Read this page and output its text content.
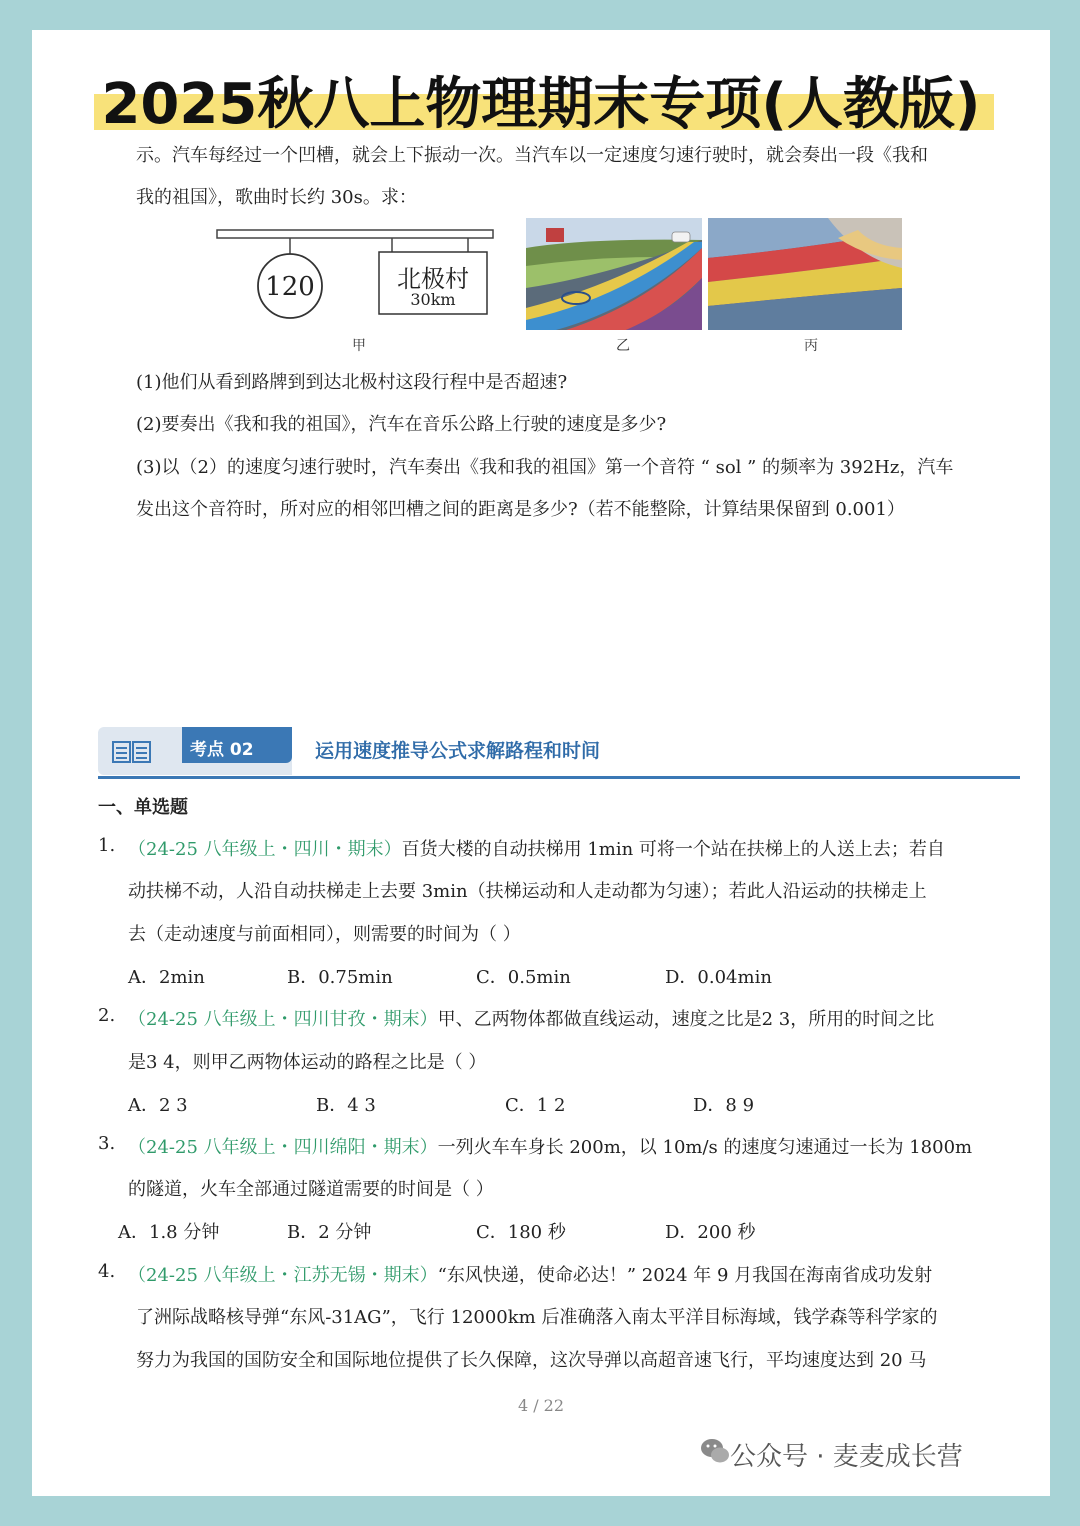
2025秋八上物理期末专项(人教版)
示。汽车每经过一个凹槽，就会上下振动一次。当汽车以一定速度匀速行驶时，就会奏出一段《我和
我的祖国》，歌曲时长约 30s。求：
120	北极村
30km
甲	乙	丙
(1)他们从看到路牌到到达北极村这段行程中是否超速?
(2)要奏出《我和我的祖国》，汽车在音乐公路上行驶的速度是多少?
(3)以（2）的速度匀速行驶时，汽车奏出《我和我的祖国》第一个音符 “ sol ” 的频率为 392Hz，汽车
发出这个音符时，所对应的相邻凹槽之间的距离是多少?（若不能整除，计算结果保留到 0.001）
考点 02	运用速度推导公式求解路程和时间
一、单选题
1. （24-25 八年级上・四川・期末）百货大楼的自动扶梯用 1min 可将一个站在扶梯上的人送上去；若自
动扶梯不动，人沿自动扶梯走上去要 3min（扶梯运动和人走动都为匀速）；若此人沿运动的扶梯走上
去（走动速度与前面相同），则需要的时间为（ ）
A．2min	B．0.75min	C．0.5min	D．0.04min
2. （24-25 八年级上・四川甘孜・期末）甲、乙两物体都做直线运动，速度之比是2 3，所用的时间之比
是3 4，则甲乙两物体运动的路程之比是（ ）
A．2 3	B．4 3	C．1 2	D．8 9
3. （24-25 八年级上・四川绵阳・期末）一列火车车身长 200m，以 10m/s 的速度匀速通过一长为 1800m
的隧道，火车全部通过隧道需要的时间是（ ）
A．1.8 分钟	B．2 分钟	C．180 秒	D．200 秒
4. （24-25 八年级上・江苏无锡・期末）“东风快递，使命必达！” 2024 年 9 月我国在海南省成功发射
了洲际战略核导弹“东风-31AG”，飞行 12000km 后准确落入南太平洋目标海域，钱学森等科学家的
努力为我国的国防安全和国际地位提供了长久保障，这次导弹以高超音速飞行，平均速度达到 20 马
4 / 22
公众号 · 麦麦成长营
